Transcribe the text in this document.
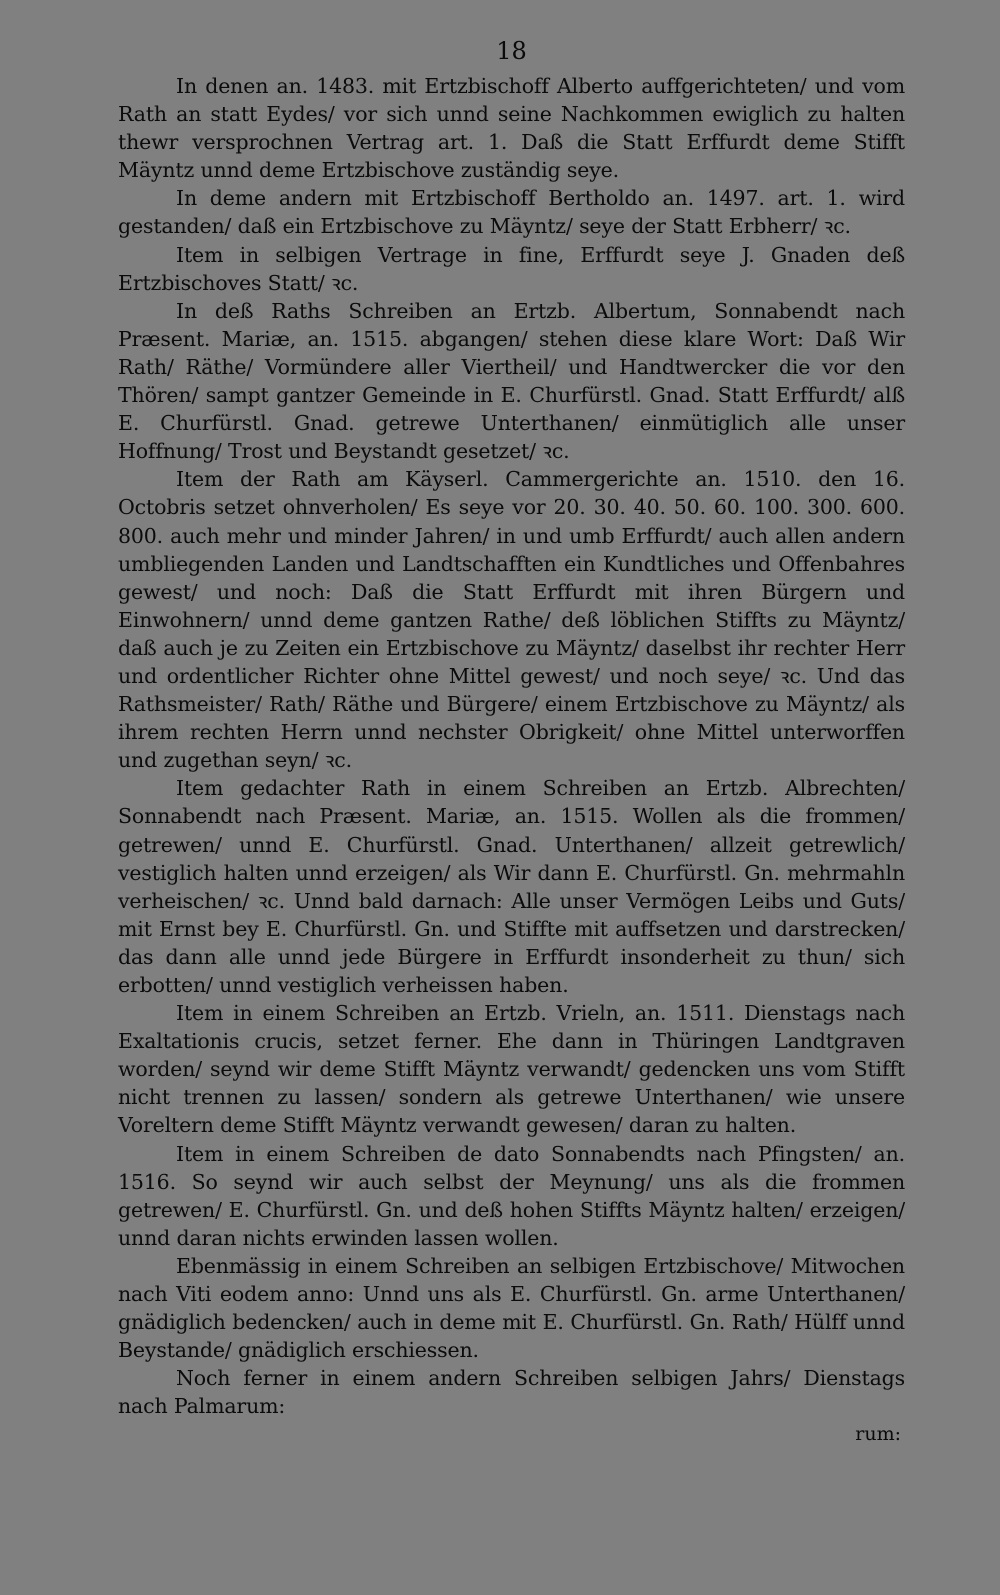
18

In denen an. 1483. mit Ertzbischoff Alberto auffgerichteten/ und vom Rath an statt Eydes/ vor sich unnd seine Nachkommen ewiglich zu halten thewr versprochnen Vertrag art. 1. Daß die Statt Erffurdt deme Stifft Mäyntz unnd deme Ertzbischove zuständig seye.

In deme andern mit Ertzbischoff Bertholdo an. 1497. art. 1. wird gestanden/ daß ein Ertzbischove zu Mäyntz/ seye der Statt Erbherr/ ꝛc.

Item in selbigen Vertrage in fine, Erffurdt seye J. Gnaden deß Ertzbischoves Statt/ ꝛc.

In deß Raths Schreiben an Ertzb. Albertum, Sonnabendt nach Præsent. Mariæ, an. 1515. abgangen/ stehen diese klare Wort: Daß Wir Rath/ Räthe/ Vormündere aller Viertheil/ und Handtwercker die vor den Thören/ sampt gantzer Gemeinde in E. Churfürstl. Gnad. Statt Erffurdt/ alß E. Churfürstl. Gnad. getrewe Unterthanen/ einmütiglich alle unser Hoffnung/ Trost und Beystandt gesetzet/ ꝛc.

Item der Rath am Käyserl. Cammergerichte an. 1510. den 16. Octobris setzet ohnverholen/ Es seye vor 20. 30. 40. 50. 60. 100. 300. 600. 800. auch mehr und minder Jahren/ in und umb Erffurdt/ auch allen andern umbliegenden Landen und Landtschafften ein Kundtliches und Offenbahres gewest/ und noch: Daß die Statt Erffurdt mit ihren Bürgern und Einwohnern/ unnd deme gantzen Rathe/ deß löblichen Stiffts zu Mäyntz/ daß auch je zu Zeiten ein Ertzbischove zu Mäyntz/ daselbst ihr rechter Herr und ordentlicher Richter ohne Mittel gewest/ und noch seye/ ꝛc. Und das Rathsmeister/ Rath/ Räthe und Bürgere/ einem Ertzbischove zu Mäyntz/ als ihrem rechten Herrn unnd nechster Obrigkeit/ ohne Mittel unterworffen und zugethan seyn/ ꝛc.

Item gedachter Rath in einem Schreiben an Ertzb. Albrechten/ Sonnabendt nach Præsent. Mariæ, an. 1515. Wollen als die frommen/ getrewen/ unnd E. Churfürstl. Gnad. Unterthanen/ allzeit getrewlich/ vestiglich halten unnd erzeigen/ als Wir dann E. Churfürstl. Gn. mehrmahln verheischen/ ꝛc. Unnd bald darnach: Alle unser Vermögen Leibs und Guts/ mit Ernst bey E. Churfürstl. Gn. und Stiffte mit auffsetzen und darstrecken/ das dann alle unnd jede Bürgere in Erffurdt insonderheit zu thun/ sich erbotten/ unnd vestiglich verheissen haben.

Item in einem Schreiben an Ertzb. Vrieln, an. 1511. Dienstags nach Exaltationis crucis, setzet ferner. Ehe dann in Thüringen Landtgraven worden/ seynd wir deme Stifft Mäyntz verwandt/ gedencken uns vom Stifft nicht trennen zu lassen/ sondern als getrewe Unterthanen/ wie unsere Voreltern deme Stifft Mäyntz verwandt gewesen/ daran zu halten.

Item in einem Schreiben de dato Sonnabendts nach Pfingsten/ an. 1516. So seynd wir auch selbst der Meynung/ uns als die frommen getrewen/ E. Churfürstl. Gn. und deß hohen Stiffts Mäyntz halten/ erzeigen/ unnd daran nichts erwinden lassen wollen.

Ebenmässig in einem Schreiben an selbigen Ertzbischove/ Mitwochen nach Viti eodem anno: Unnd uns als E. Churfürstl. Gn. arme Unterthanen/ gnädiglich bedencken/ auch in deme mit E. Churfürstl. Gn. Rath/ Hülff unnd Beystande/ gnädiglich erschiessen.

Noch ferner in einem andern Schreiben selbigen Jahrs/ Dienstags nach Palmarum:

rum:
